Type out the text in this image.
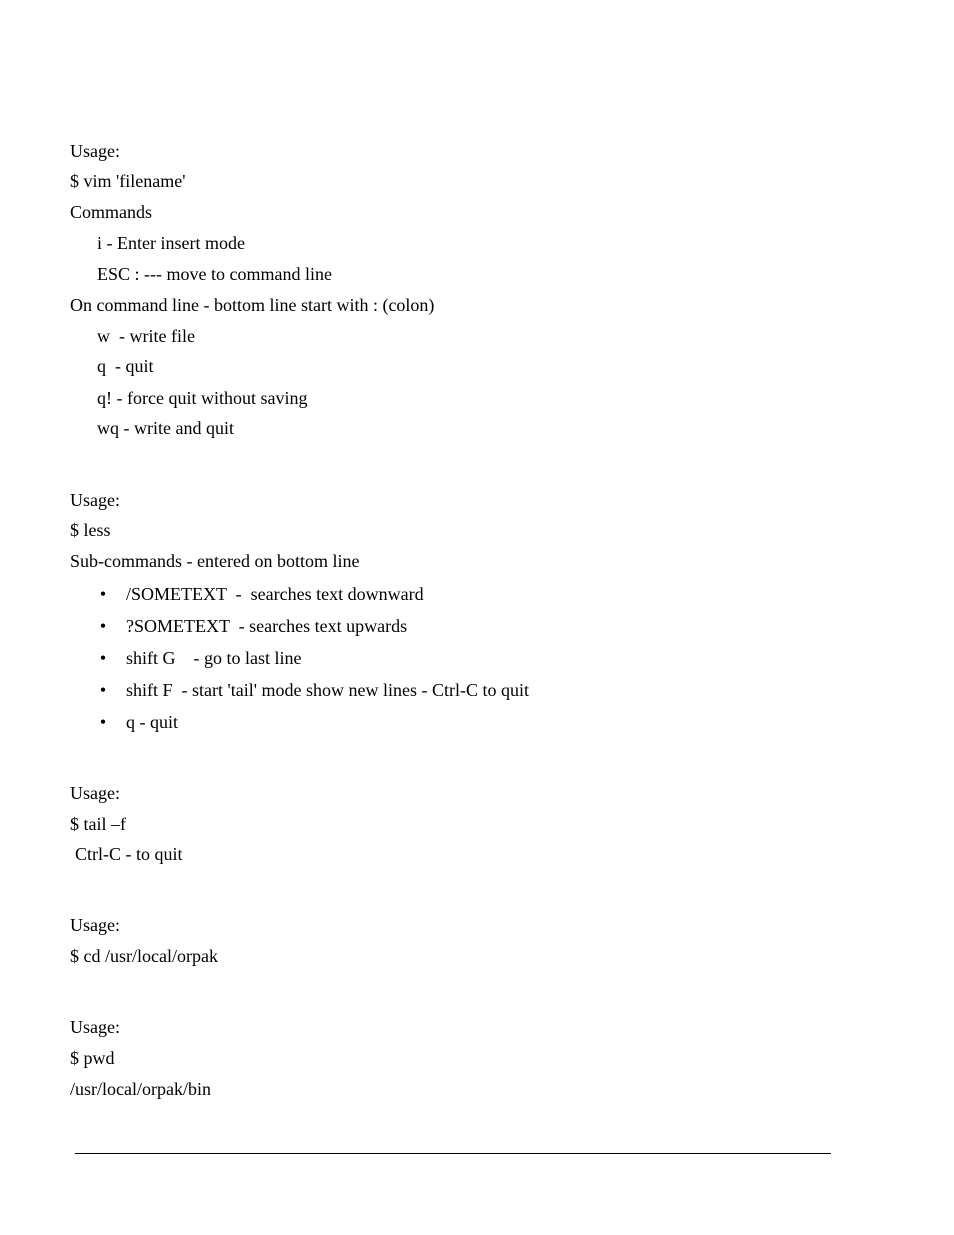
Usage:
$ vim 'filename'
Commands
i - Enter insert mode
ESC : --- move to command line
On command line - bottom line start with : (colon)
w  - write file
q  - quit
q! - force quit without saving
wq - write and quit
Usage:
$ less
Sub-commands - entered on bottom line

•

/SOMETEXT  -  searches text downward

•

?SOMETEXT  - searches text upwards

•

shift G    - go to last line

•

shift F  - start 'tail' mode show new lines - Ctrl-C to quit

•

q - quit

Usage:
$ tail –f
Ctrl-C - to quit
Usage:
$ cd /usr/local/orpak
Usage:
$ pwd
/usr/local/orpak/bin
